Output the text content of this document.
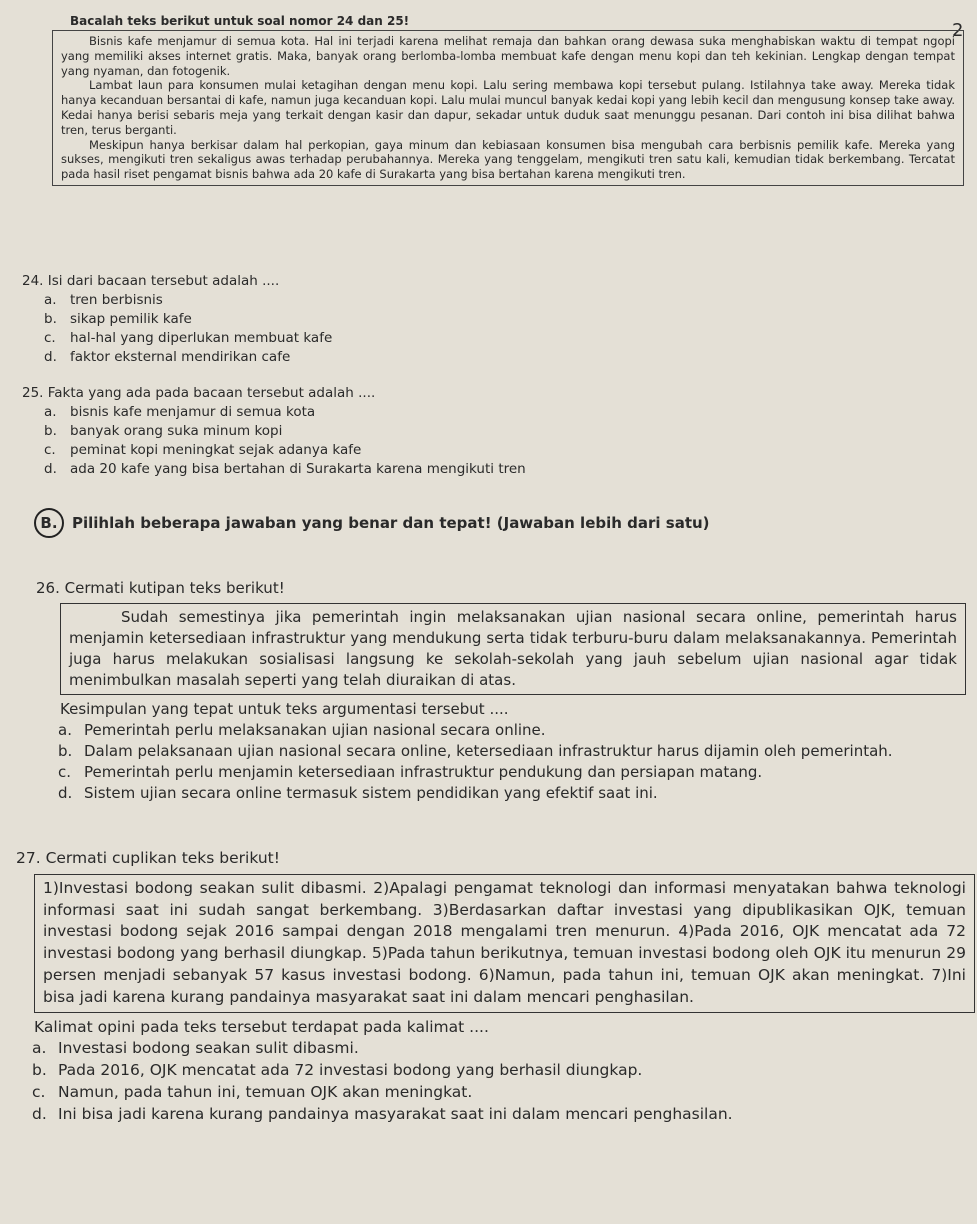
2
Bacalah teks berikut untuk soal nomor 24 dan 25!

Bisnis kafe menjamur di semua kota. Hal ini terjadi karena melihat remaja dan bahkan orang dewasa suka menghabiskan waktu di tempat ngopi yang memiliki akses internet gratis. Maka, banyak orang berlomba-lomba membuat kafe dengan menu kopi dan teh kekinian. Lengkap dengan tempat yang nyaman, dan fotogenik.

Lambat laun para konsumen mulai ketagihan dengan menu kopi. Lalu sering membawa kopi tersebut pulang. Istilahnya take away. Mereka tidak hanya kecanduan bersantai di kafe, namun juga kecanduan kopi. Lalu mulai muncul banyak kedai kopi yang lebih kecil dan mengusung konsep take away. Kedai hanya berisi sebaris meja yang terkait dengan kasir dan dapur, sekadar untuk duduk saat menunggu pesanan. Dari contoh ini bisa dilihat bahwa tren, terus berganti.

Meskipun hanya berkisar dalam hal perkopian, gaya minum dan kebiasaan konsumen bisa mengubah cara berbisnis pemilik kafe. Mereka yang sukses, mengikuti tren sekaligus awas terhadap perubahannya. Mereka yang tenggelam, mengikuti tren satu kali, kemudian tidak berkembang. Tercatat pada hasil riset pengamat bisnis bahwa ada 20 kafe di Surakarta yang bisa bertahan karena mengikuti tren.

24. Isi dari bacaan tersebut adalah ....

a. tren berbisnis
b. sikap pemilik kafe
c.	hal-hal yang diperlukan membuat kafe
d. faktor eksternal mendirikan cafe

25. Fakta yang ada pada bacaan tersebut adalah ....

a. bisnis kafe menjamur di semua kota
b. banyak orang suka minum kopi
c.	peminat kopi meningkat sejak adanya kafe
d. ada 20 kafe yang bisa bertahan di Surakarta karena mengikuti tren
B. Pilihlah beberapa jawaban yang benar dan tepat! (Jawaban lebih dari satu)

26. Cermati kutipan teks berikut!

Sudah semestinya jika pemerintah ingin melaksanakan ujian nasional secara online, pemerintah harus menjamin ketersediaan infrastruktur yang mendukung serta tidak terburu-buru dalam melaksanakannya. Pemerintah juga harus melakukan sosialisasi langsung ke sekolah-sekolah yang jauh sebelum ujian nasional agar tidak menimbulkan masalah seperti yang telah diuraikan di atas.

Kesimpulan yang tepat untuk teks argumentasi tersebut ....
a. Pemerintah perlu melaksanakan ujian nasional secara online.
b. Dalam pelaksanaan ujian nasional secara online, ketersediaan infrastruktur harus dijamin oleh pemerintah.
c. Pemerintah perlu menjamin ketersediaan infrastruktur pendukung dan persiapan matang.
d. Sistem ujian secara online termasuk sistem pendidikan yang efektif saat ini.

27. Cermati cuplikan teks berikut!

1)Investasi bodong seakan sulit dibasmi. 2)Apalagi pengamat teknologi dan informasi menyatakan bahwa teknologi informasi saat ini sudah sangat berkembang. 3)Berdasarkan daftar investasi yang dipublikasikan OJK, temuan investasi bodong sejak 2016 sampai dengan 2018 mengalami tren menurun. 4)Pada 2016, OJK mencatat ada 72 investasi bodong yang berhasil diungkap. 5)Pada tahun berikutnya, temuan investasi bodong oleh OJK itu menurun 29 persen menjadi sebanyak 57 kasus investasi bodong. 6)Namun, pada tahun ini, temuan OJK akan meningkat. 7)Ini bisa jadi karena kurang pandainya masyarakat saat ini dalam mencari penghasilan.

Kalimat opini pada teks tersebut terdapat pada kalimat ....
a. Investasi bodong seakan sulit dibasmi.
b. Pada 2016, OJK mencatat ada 72 investasi bodong yang berhasil diungkap.
c. Namun, pada tahun ini, temuan OJK akan meningkat.
d. Ini bisa jadi karena kurang pandainya masyarakat saat ini dalam mencari penghasilan.
